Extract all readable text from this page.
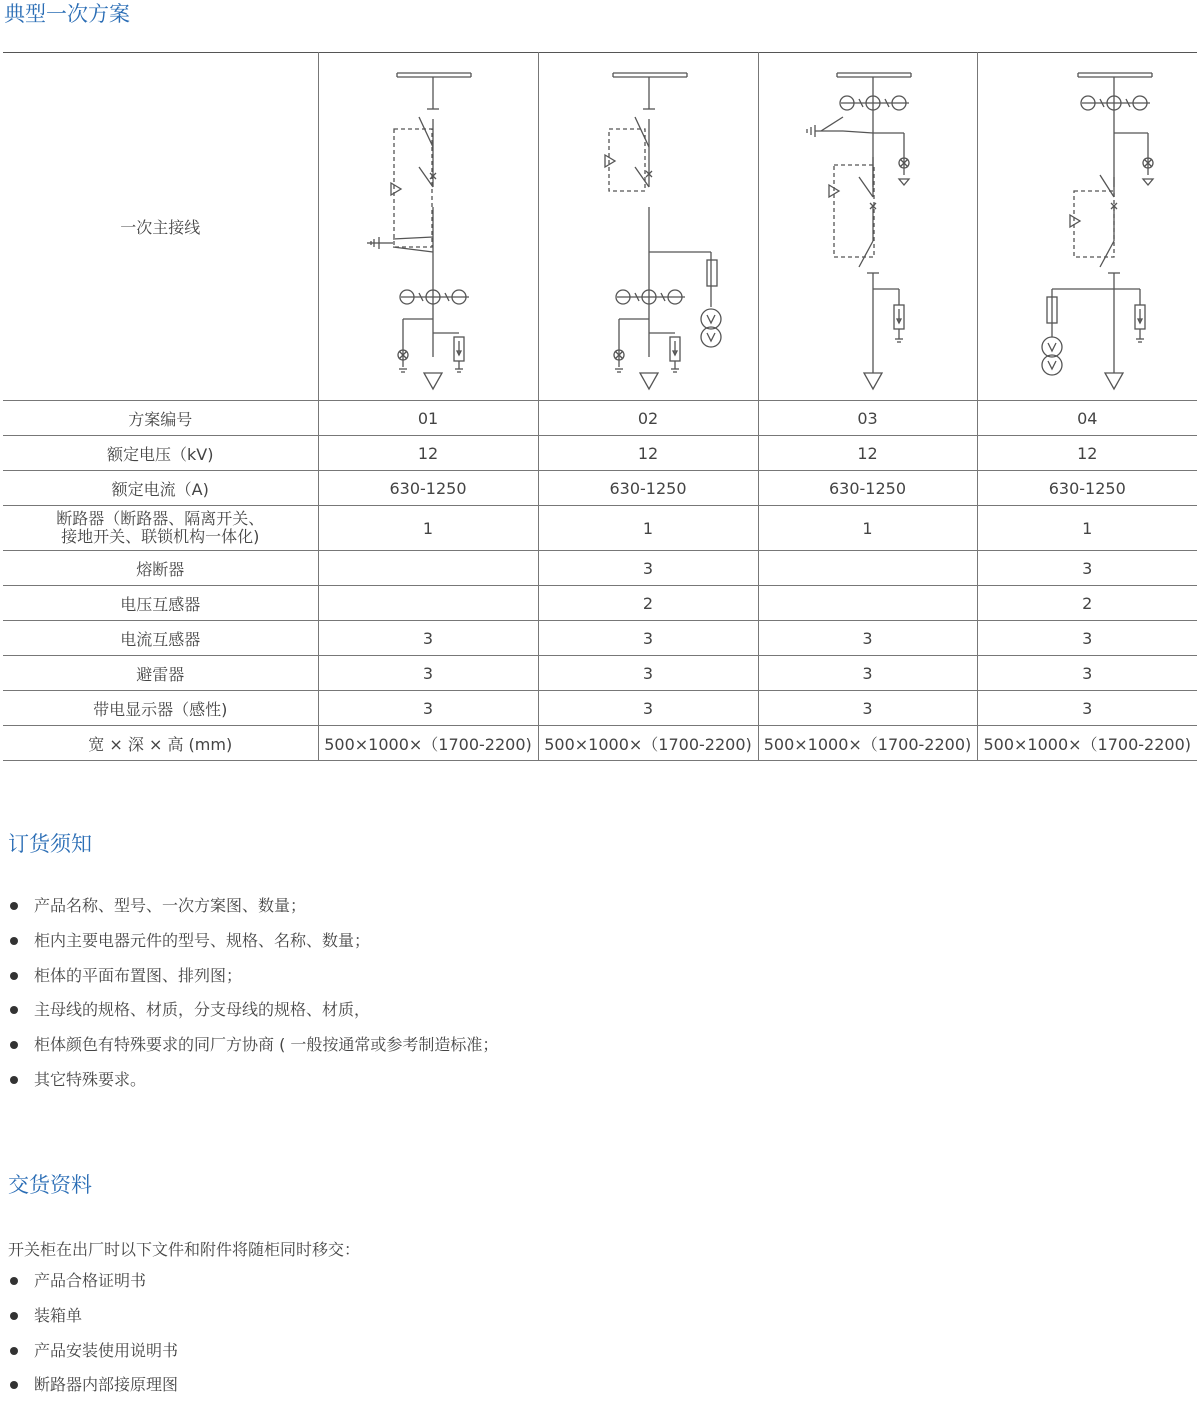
典型一次方案
一次主接线	

方案编号	01	02	03	04
额定电压（kV)	12	12	12	12
额定电流（A)	630-1250	630-1250	630-1250	630-1250

断路器（断路器、隔离开关、
接地开关、联锁机构一体化)	1	1	1	1
熔断器		3		3
电压互感器		2		2
电流互感器	3	3	3	3
避雷器	3	3	3	3
带电显示器（感性)	3	3	3	3
宽 × 深 × 高 (mm)	500×1000×（1700-2200)	500×1000×（1700-2200)	500×1000×（1700-2200)	500×1000×（1700-2200)
订货须知
产品名称、型号、一次方案图、数量；
柜内主要电器元件的型号、规格、名称、数量；
柜体的平面布置图、排列图；
主母线的规格、材质，分支母线的规格、材质，
柜体颜色有特殊要求的同厂方协商 ( 一般按通常或参考制造标准；
其它特殊要求。
交货资料

开关柜在出厂时以下文件和附件将随柜同时移交：

产品合格证明书
装箱单
产品安装使用说明书
断路器内部接原理图
